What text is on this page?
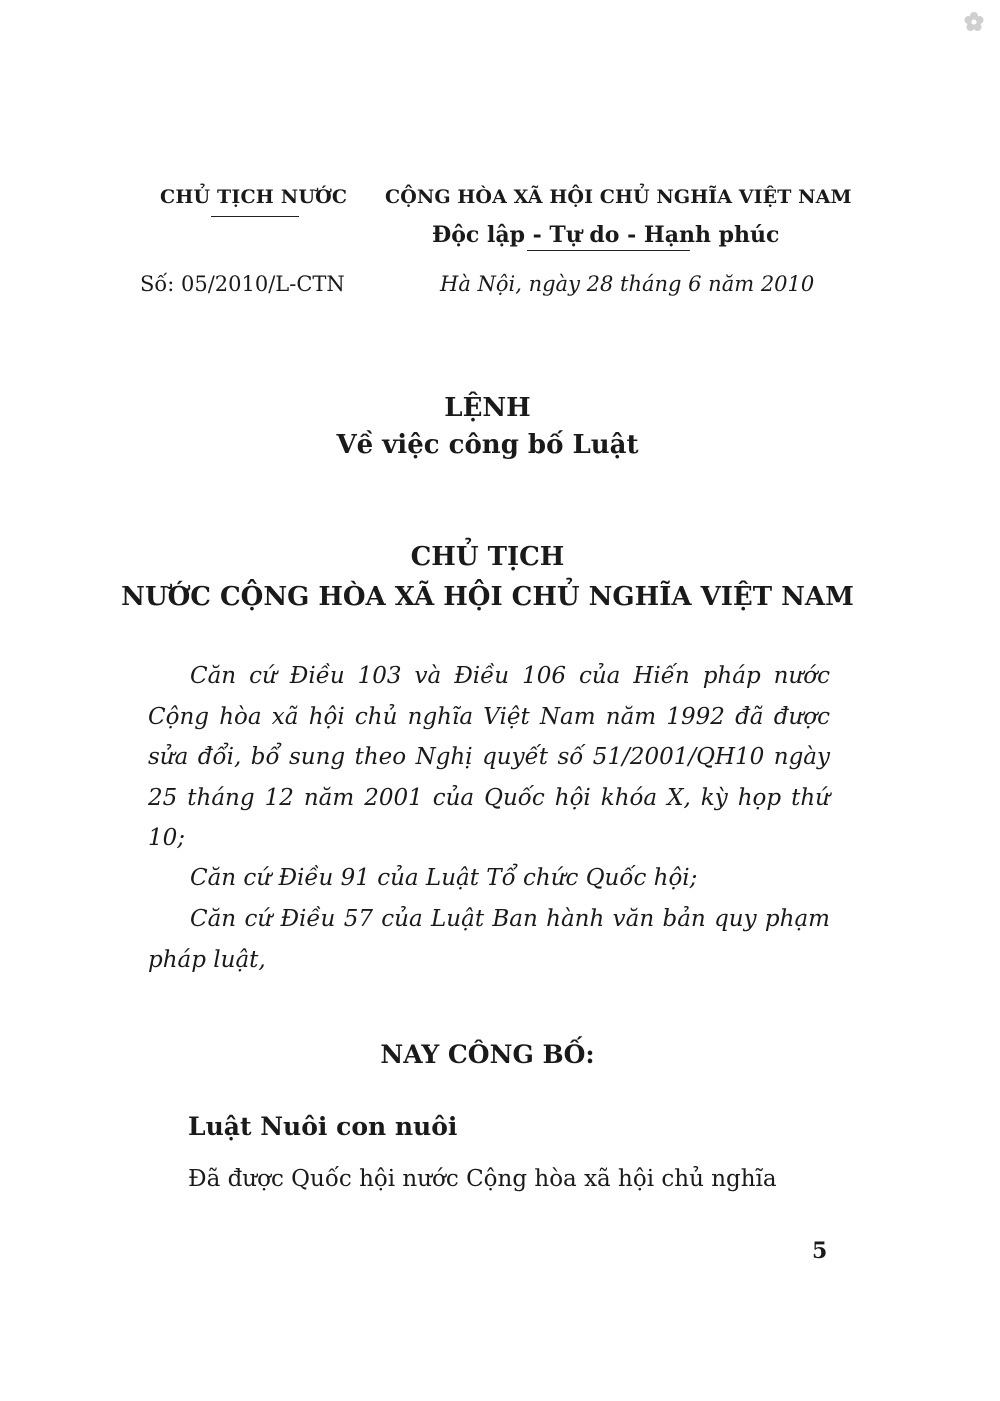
CHỦ TỊCH NƯỚC CỘNG HÒA XÃ HỘI CHỦ NGHĨA VIỆT NAM
Độc lập - Tự do - Hạnh phúc
Số: 05/2010/L-CTN	Hà Nội, ngày 28 tháng 6 năm 2010
LỆNH
Về việc công bố Luật
CHỦ TỊCH
NƯỚC CỘNG HÒA XÃ HỘI CHỦ NGHĨA VIỆT NAM
Căn cứ Điều 103 và Điều 106 của Hiến pháp nước Cộng hòa xã hội chủ nghĩa Việt Nam năm 1992 đã được sửa đổi, bổ sung theo Nghị quyết số 51/2001/QH10 ngày 25 tháng 12 năm 2001 của Quốc hội khóa X, kỳ họp thứ 10;
Căn cứ Điều 91 của Luật Tổ chức Quốc hội;
Căn cứ Điều 57 của Luật Ban hành văn bản quy phạm pháp luật,
NAY CÔNG BỐ:
Luật Nuôi con nuôi
Đã được Quốc hội nước Cộng hòa xã hội chủ nghĩa
5
